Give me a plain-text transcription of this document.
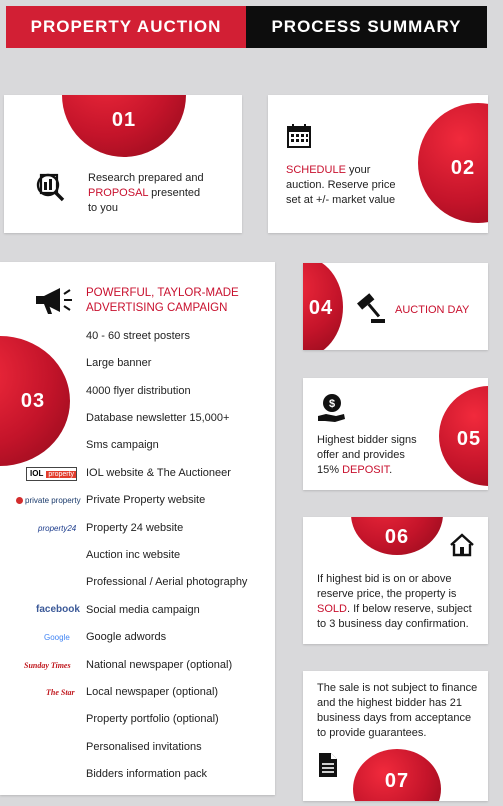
PROPERTY AUCTION	PROCESS SUMMARY
01
Research prepared and
PROPOSAL presented
to you
02
SCHEDULE your
auction. Reserve price
set at +/- market value
03
POWERFUL, TAYLOR-MADE
ADVERTISING CAMPAIGN
40 - 60 street posters
Large banner
4000 flyer distribution
Database newsletter 15,000+
Sms campaign
IOL website & The Auctioneer
Private Property website
Property 24 website
Auction inc website
Professional / Aerial photography
Social media campaign
Google adwords
National newspaper (optional)
Local newspaper (optional)
Property portfolio (optional)
Personalised invitations
Bidders information pack
IOL property
private property
property24
facebook
Google
Sunday Times
The Star
04	AUCTION DAY
05
$
Highest bidder signs
offer and provides
15% DEPOSIT.
06
If highest bid is on or above
reserve price, the property is
SOLD. If below reserve, subject
to 3 business day confirmation.
07
The sale is not subject to finance
and the highest bidder has 21
business days from acceptance
to provide guarantees.
